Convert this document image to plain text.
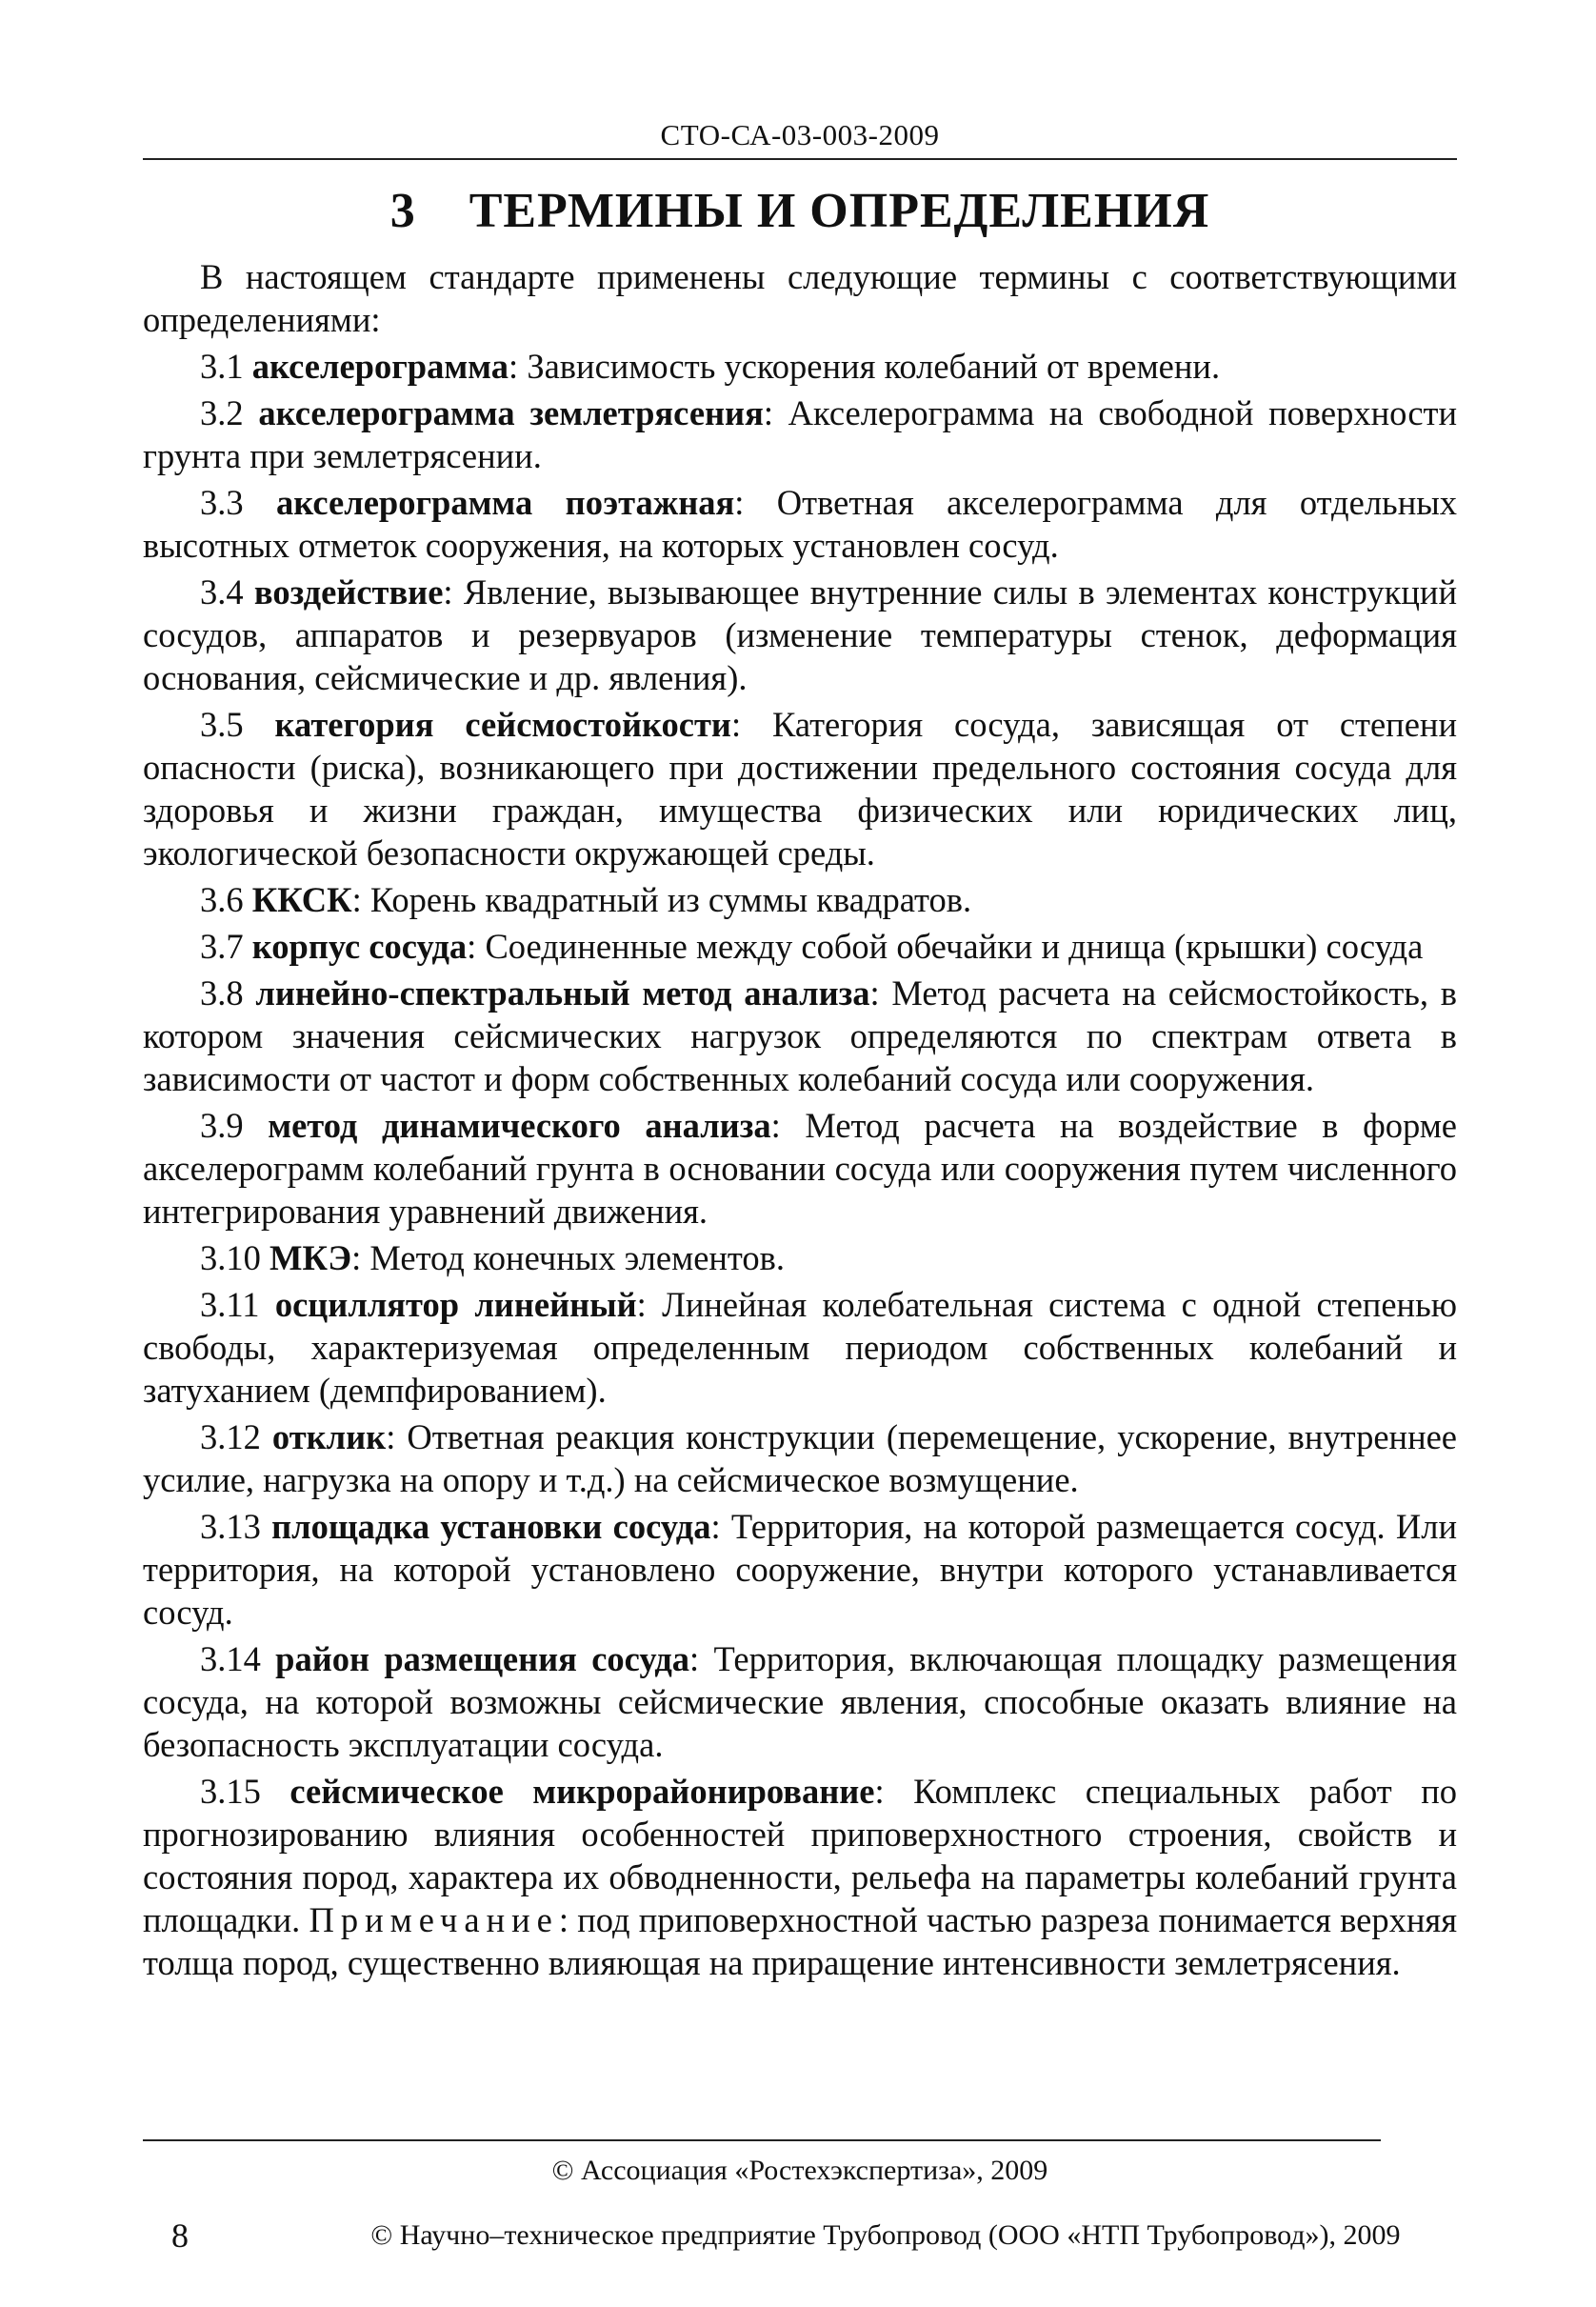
СТО-СА-03-003-2009
3 ТЕРМИНЫ И ОПРЕДЕЛЕНИЯ

В настоящем стандарте применены следующие термины с соответствующими определениями:

3.1 акселерограмма: Зависимость ускорения колебаний от времени.

3.2 акселерограмма землетрясения: Акселерограмма на свободной поверхности грунта при землетрясении.

3.3 акселерограмма поэтажная: Ответная акселерограмма для отдельных высотных отметок сооружения, на которых установлен сосуд.

3.4 воздействие: Явление, вызывающее внутренние силы в элементах конструкций сосудов, аппаратов и резервуаров (изменение температуры стенок, деформация основания, сейсмические и др. явления).

3.5 категория сейсмостойкости: Категория сосуда, зависящая от степени опасности (риска), возникающего при достижении предельного состояния сосуда для здоровья и жизни граждан, имущества физических или юридических лиц, экологической безопасности окружающей среды.

3.6 ККСК: Корень квадратный из суммы квадратов.

3.7 корпус сосуда: Соединенные между собой обечайки и днища (крышки) сосуда

3.8 линейно-спектральный метод анализа: Метод расчета на сейсмостойкость, в котором значения сейсмических нагрузок определяются по спектрам ответа в зависимости от частот и форм собственных колебаний сосуда или сооружения.

3.9 метод динамического анализа: Метод расчета на воздействие в форме акселерограмм колебаний грунта в основании сосуда или сооружения путем численного интегрирования уравнений движения.

3.10 МКЭ: Метод конечных элементов.

3.11 осциллятор линейный: Линейная колебательная система с одной степенью свободы, характеризуемая определенным периодом собственных колебаний и затуханием (демпфированием).

3.12 отклик: Ответная реакция конструкции (перемещение, ускорение, внутреннее усилие, нагрузка на опору и т.д.) на сейсмическое возмущение.

3.13 площадка установки сосуда: Территория, на которой размещается сосуд. Или территория, на которой установлено сооружение, внутри которого устанавливается сосуд.

3.14 район размещения сосуда: Территория, включающая площадку размещения сосуда, на которой возможны сейсмические явления, способные оказать влияние на безопасность эксплуатации сосуда.

3.15 сейсмическое микрорайонирование: Комплекс специальных работ по прогнозированию влияния особенностей приповерхностного строения, свойств и состояния пород, характера их обводненности, рельефа на параметры колебаний грунта площадки. Примечание: под приповерхностной частью разреза понимается верхняя толща пород, существенно влияющая на приращение интенсивности землетрясения.

© Ассоциация «Ростехэкспертиза», 2009
8	© Научно–техническое предприятие Трубопровод (ООО «НТП Трубопровод»), 2009
